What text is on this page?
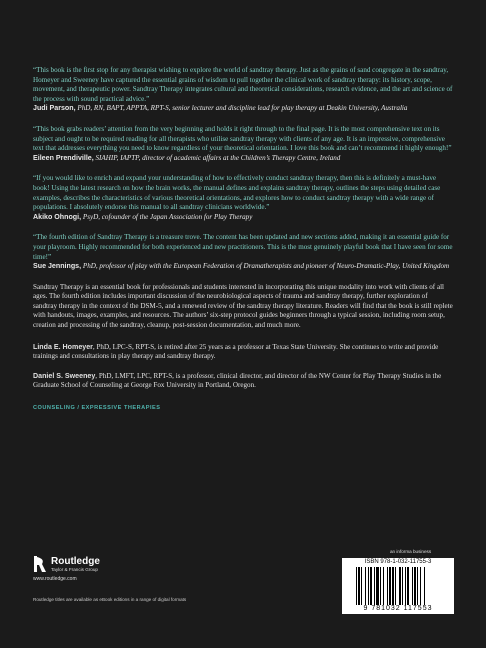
“This book is the first stop for any therapist wishing to explore the world of sandtray therapy. Just as the grains of sand congregate in the sandtray, Homeyer and Sweeney have captured the essential grains of wisdom to pull together the clinical work of sandtray therapy: its history, scope, movement, and therapeutic power. Sandtray Therapy integrates cultural and theoretical considerations, research evidence, and the art and science of the process with sound practical advice.”

Judi Parson, PhD, RN, BAPT, APPTA, RPT-S, senior lecturer and discipline lead for play therapy at Deakin University, Australia

“This book grabs readers’ attention from the very beginning and holds it right through to the final page. It is the most comprehensive text on its subject and ought to be required reading for all therapists who utilise sandtray therapy with clients of any age. It is an impressive, comprehensive text that addresses everything you need to know regardless of your theoretical orientation. I love this book and can’t recommend it highly enough!”

Eileen Prendiville, SIAHIP, IAPTP, director of academic affairs at the Children’s Therapy Centre, Ireland

“If you would like to enrich and expand your understanding of how to effectively conduct sandtray therapy, then this is definitely a must-have book! Using the latest research on how the brain works, the manual defines and explains sandtray therapy, outlines the steps using detailed case examples, describes the characteristics of various theoretical orientations, and explores how to conduct sandtray therapy with a wide range of populations. I absolutely endorse this manual to all sandtray clinicians worldwide.”

Akiko Ohnogi, PsyD, cofounder of the Japan Association for Play Therapy

“The fourth edition of Sandtray Therapy is a treasure trove. The content has been updated and new sections added, making it an essential guide for your playroom. Highly recommended for both experienced and new practitioners. This is the most genuinely playful book that I have seen for some time!”

Sue Jennings, PhD, professor of play with the European Federation of Dramatherapists and pioneer of Neuro-Dramatic-Play, United Kingdom

Sandtray Therapy is an essential book for professionals and students interested in incorporating this unique modality into work with clients of all ages. The fourth edition includes important discussion of the neurobiological aspects of trauma and sandtray therapy, further exploration of sandtray therapy in the context of the DSM-5, and a renewed review of the sandtray therapy literature. Readers will find that the book is still replete with handouts, images, examples, and resources. The authors’ six-step protocol guides beginners through a typical session, including room setup, creation and processing of the sandtray, cleanup, post-session documentation, and much more.

Linda E. Homeyer, PhD, LPC-S, RPT-S, is retired after 25 years as a professor at Texas State University. She continues to write and provide trainings and consultations in play therapy and sandtray therapy.

Daniel S. Sweeney, PhD, LMFT, LPC, RPT-S, is a professor, clinical director, and director of the NW Center for Play Therapy Studies in the Graduate School of Counseling at George Fox University in Portland, Oregon.

COUNSELING / EXPRESSIVE THERAPIES
Routledge
Taylor & Francis Group
www.routledge.com
Routledge titles are available as eBook editions in a range of digital formats
an informa business
ISBN 978-1-032-11755-3
9 781032 117553
